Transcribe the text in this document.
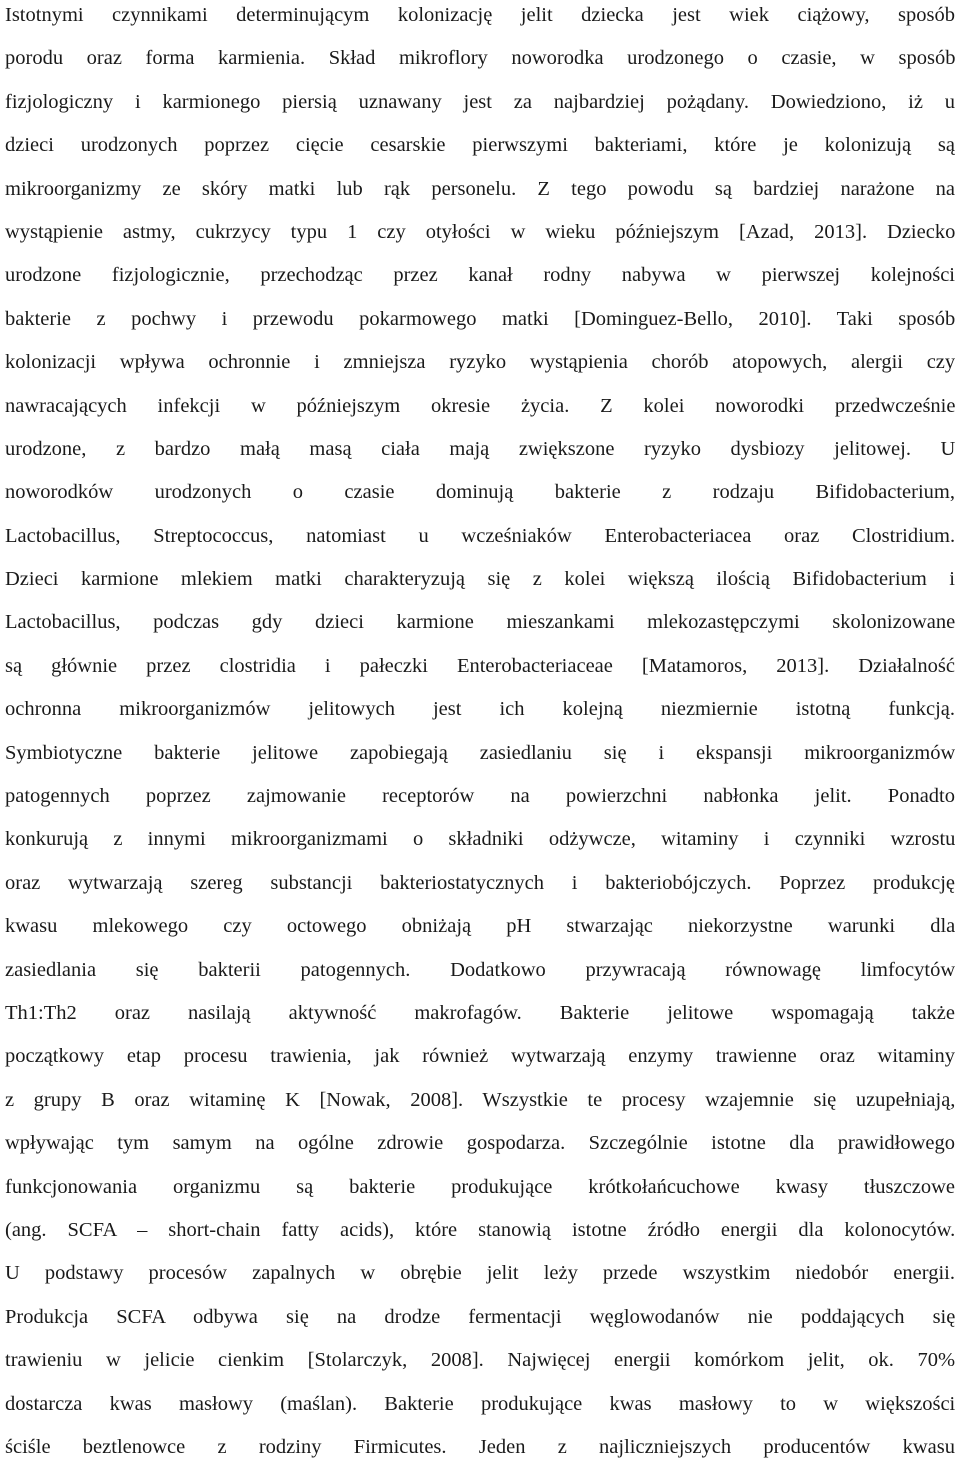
Istotnymi czynnikami determinującym kolonizację jelit dziecka jest wiek ciążowy, sposób
porodu oraz forma karmienia. Skład mikroflory noworodka urodzonego o czasie, w sposób
fizjologiczny i karmionego piersią uznawany jest za najbardziej pożądany. Dowiedziono, iż u
dzieci urodzonych poprzez cięcie cesarskie pierwszymi bakteriami, które je kolonizują są
mikroorganizmy ze skóry matki lub rąk personelu. Z tego powodu są bardziej narażone na
wystąpienie astmy, cukrzycy typu 1 czy otyłości w wieku późniejszym [Azad, 2013]. Dziecko
urodzone fizjologicznie, przechodząc przez kanał rodny nabywa w pierwszej kolejności
bakterie z pochwy i przewodu pokarmowego matki [Dominguez-Bello, 2010]. Taki sposób
kolonizacji wpływa ochronnie i zmniejsza ryzyko wystąpienia chorób atopowych, alergii czy
nawracających infekcji w późniejszym okresie życia. Z kolei noworodki przedwcześnie
urodzone, z bardzo małą masą ciała mają zwiększone ryzyko dysbiozy jelitowej. U
noworodków urodzonych o czasie dominują bakterie z rodzaju Bifidobacterium,
Lactobacillus, Streptococcus, natomiast u wcześniaków Enterobacteriacea oraz Clostridium.
Dzieci karmione mlekiem matki charakteryzują się z kolei większą ilością Bifidobacterium i
Lactobacillus, podczas gdy dzieci karmione mieszankami mlekozastępczymi skolonizowane
są głównie przez clostridia i pałeczki Enterobacteriaceae [Matamoros, 2013]. Działalność
ochronna mikroorganizmów jelitowych jest ich kolejną niezmiernie istotną funkcją.
Symbiotyczne bakterie jelitowe zapobiegają zasiedlaniu się i ekspansji mikroorganizmów
patogennych poprzez zajmowanie receptorów na powierzchni nabłonka jelit. Ponadto
konkurują z innymi mikroorganizmami o składniki odżywcze, witaminy i czynniki wzrostu
oraz wytwarzają szereg substancji bakteriostatycznych i bakteriobójczych. Poprzez produkcję
kwasu mlekowego czy octowego obniżają pH stwarzając niekorzystne warunki dla
zasiedlania się bakterii patogennych. Dodatkowo przywracają równowagę limfocytów
Th1:Th2 oraz nasilają aktywność makrofagów. Bakterie jelitowe wspomagają także
początkowy etap procesu trawienia, jak również wytwarzają enzymy trawienne oraz witaminy
z grupy B oraz witaminę K [Nowak, 2008]. Wszystkie te procesy wzajemnie się uzupełniają,
wpływając tym samym na ogólne zdrowie gospodarza. Szczególnie istotne dla prawidłowego
funkcjonowania organizmu są bakterie produkujące krótkołańcuchowe kwasy tłuszczowe
(ang. SCFA – short-chain fatty acids), które stanowią istotne źródło energii dla kolonocytów.
U podstawy procesów zapalnych w obrębie jelit leży przede wszystkim niedobór energii.
Produkcja SCFA odbywa się na drodze fermentacji węglowodanów nie poddających się
trawieniu w jelicie cienkim [Stolarczyk, 2008]. Najwięcej energii komórkom jelit, ok. 70%
dostarcza kwas masłowy (maślan). Bakterie produkujące kwas masłowy to w większości
ściśle beztlenowce z rodziny Firmicutes. Jeden z najliczniejszych producentów kwasu
